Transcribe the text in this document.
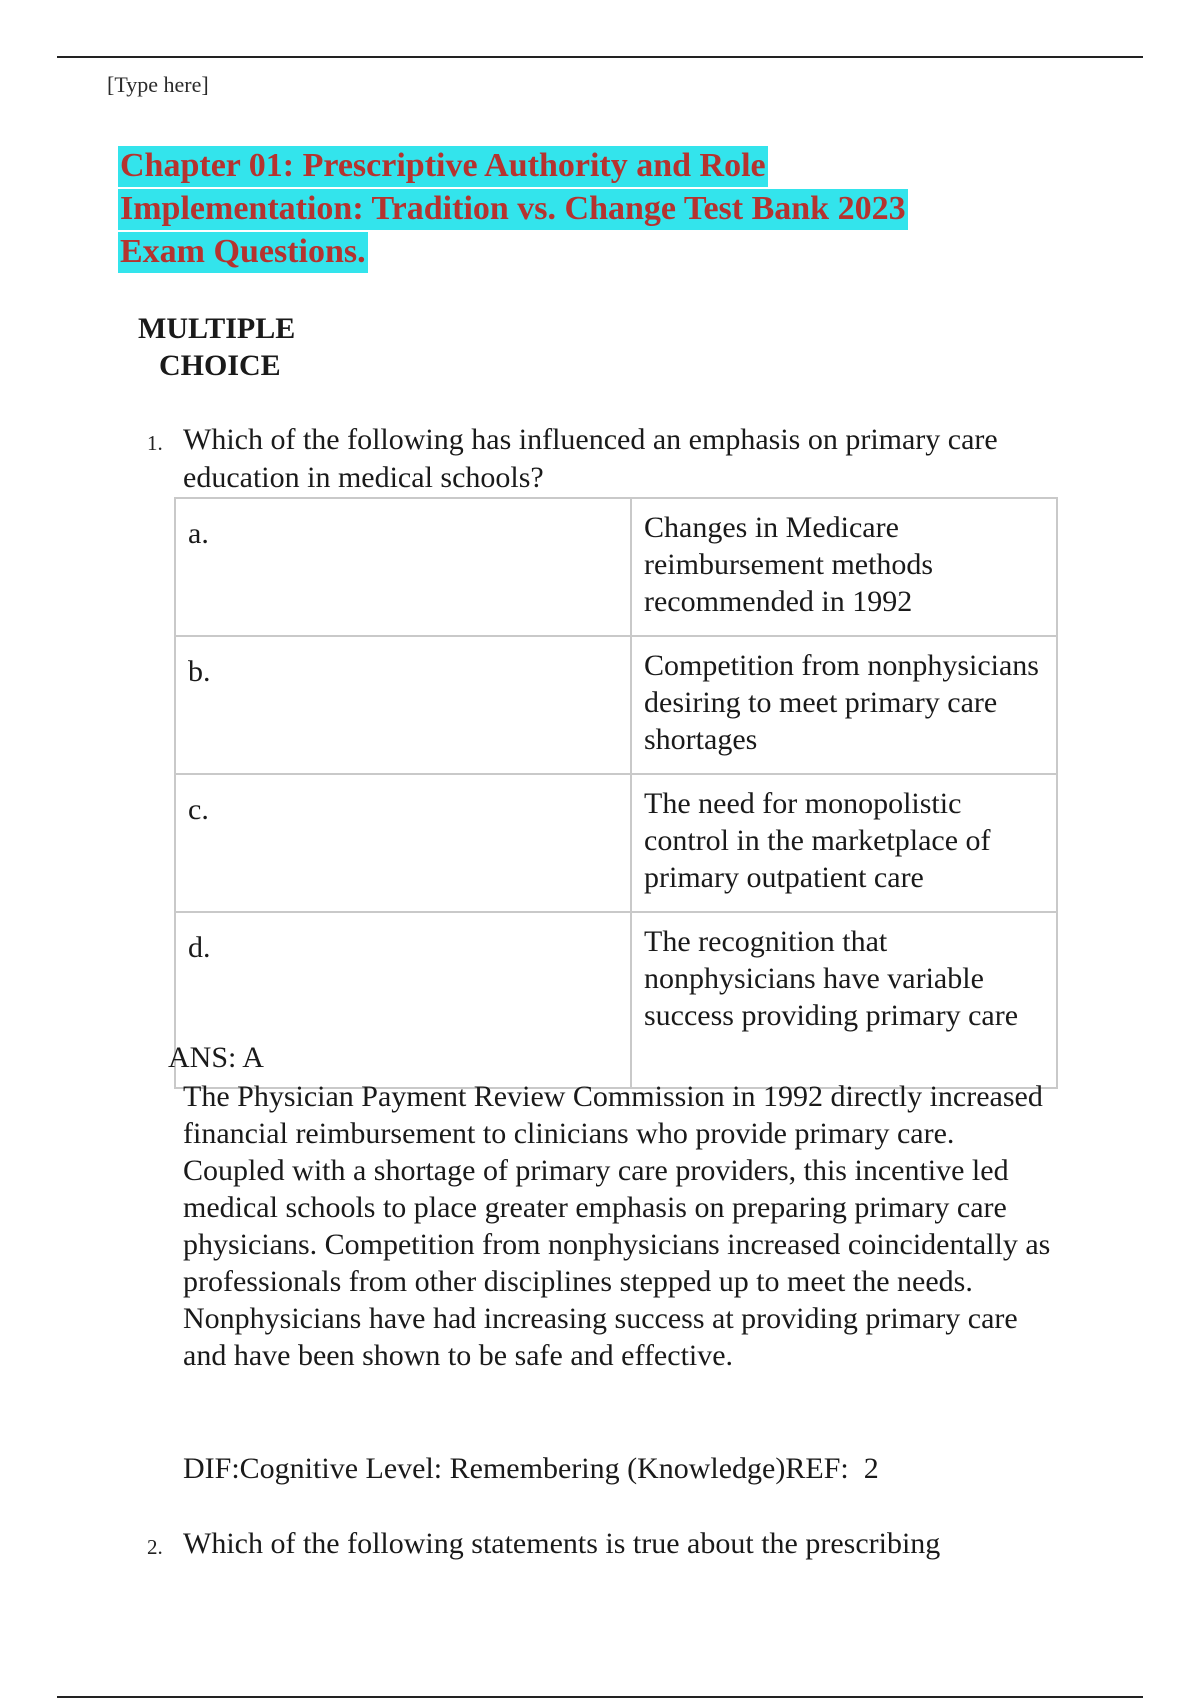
[Type here]
Chapter 01: Prescriptive Authority and Role
Implementation: Tradition vs. Change Test Bank 2023
Exam Questions.
MULTIPLE
CHOICE
1. Which of the following has influenced an emphasis on primary care education in medical schools?
a.	Changes in Medicare reimbursement methods recommended in 1992
b.	Competition from nonphysicians desiring to meet primary care shortages
c.	The need for monopolistic control in the marketplace of primary outpatient care
d.	The recognition that nonphysicians have variable success providing primary care
ANS: A
The Physician Payment Review Commission in 1992 directly increased financial reimbursement to clinicians who provide primary care. Coupled with a shortage of primary care providers, this incentive led medical schools to place greater emphasis on preparing primary care physicians. Competition from nonphysicians increased coincidentally as professionals from other disciplines stepped up to meet the needs. Nonphysicians have had increasing success at providing primary care and have been shown to be safe and effective.
DIF:Cognitive Level: Remembering (Knowledge)REF:  2
2. Which of the following statements is true about the prescribing
